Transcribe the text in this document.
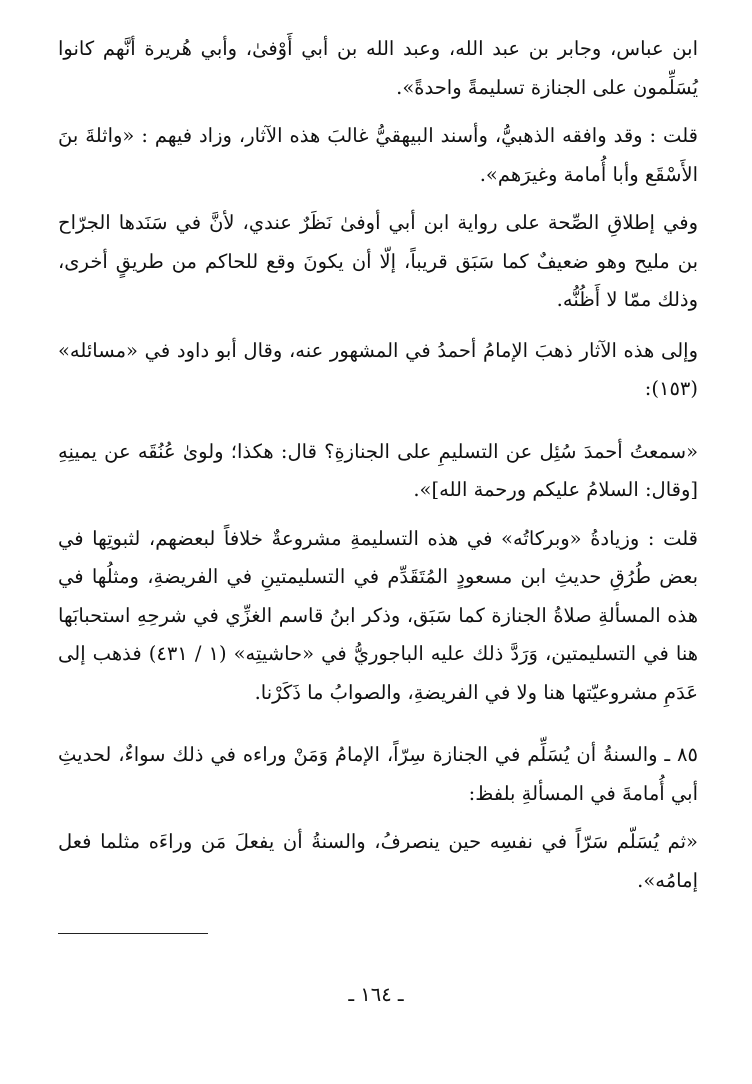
ابن عباس، وجابر بن عبد الله، وعبد الله بن أبي أَوْفىٰ، وأبي هُريرة أنَّهم كانوا يُسَلِّمون على الجنازة تسليمةً واحدةً».

قلت : وقد وافقه الذهبيُّ، وأسند البيهقيُّ غالبَ هذه الآثار، وزاد فيهم : «واثلةَ بنَ الأَسْقَع وأبا أُمامة وغيرَهم».

وفي إطلاقِ الصِّحة على رواية ابن أبي أوفىٰ نَظَرٌ عندي، لأنَّ في سَنَدها الجرّاح بن مليح وهو ضعيفٌ كما سَبَق قريباً، إلّا أن يكونَ وقع للحاكم من طريقٍ أخرى، وذلك ممّا لا أَظُنُّه.

وإلى هذه الآثار ذهبَ الإمامُ أحمدُ في المشهور عنه، وقال أبو داود في «مسائله» (١٥٣):

«سمعتُ أحمدَ سُئِل عن التسليمِ على الجنازةِ؟ قال: هكذا؛ ولوىٰ عُنُقَه عن يمينِهِ [وقال: السلامُ عليكم ورحمة الله]».

قلت : وزيادةُ «وبركاتُه» في هذه التسليمةِ مشروعةٌ خلافاً لبعضهم، لثبوتِها في بعض طُرُقِ حديثِ ابن مسعودٍ المُتَقَدِّم في التسليمتينِ في الفريضةِ، ومثلُها في هذه المسألةِ صلاةُ الجنازة كما سَبَق، وذكر ابنُ قاسم الغزِّي في شرحِهِ استحبابَها هنا في التسليمتين، وَرَدَّ ذلك عليه الباجوريُّ في «حاشيتِه» (١ / ٤٣١) فذهب إلى عَدَمِ مشروعيّتها هنا ولا في الفريضةِ، والصوابُ ما ذَكَرْنا.

٨٥ ـ والسنةُ أن يُسَلِّم في الجنازة سِرّاً، الإمامُ وَمَنْ وراءه في ذلك سواءٌ، لحديثِ أبي أُمامةَ في المسألةِ بلفظ:

«ثم يُسَلّم سَرّاً في نفسِه حين ينصرفُ، والسنةُ أن يفعلَ مَن وراءَه مثلما فعل إمامُه».

ـ ١٦٤ ـ
